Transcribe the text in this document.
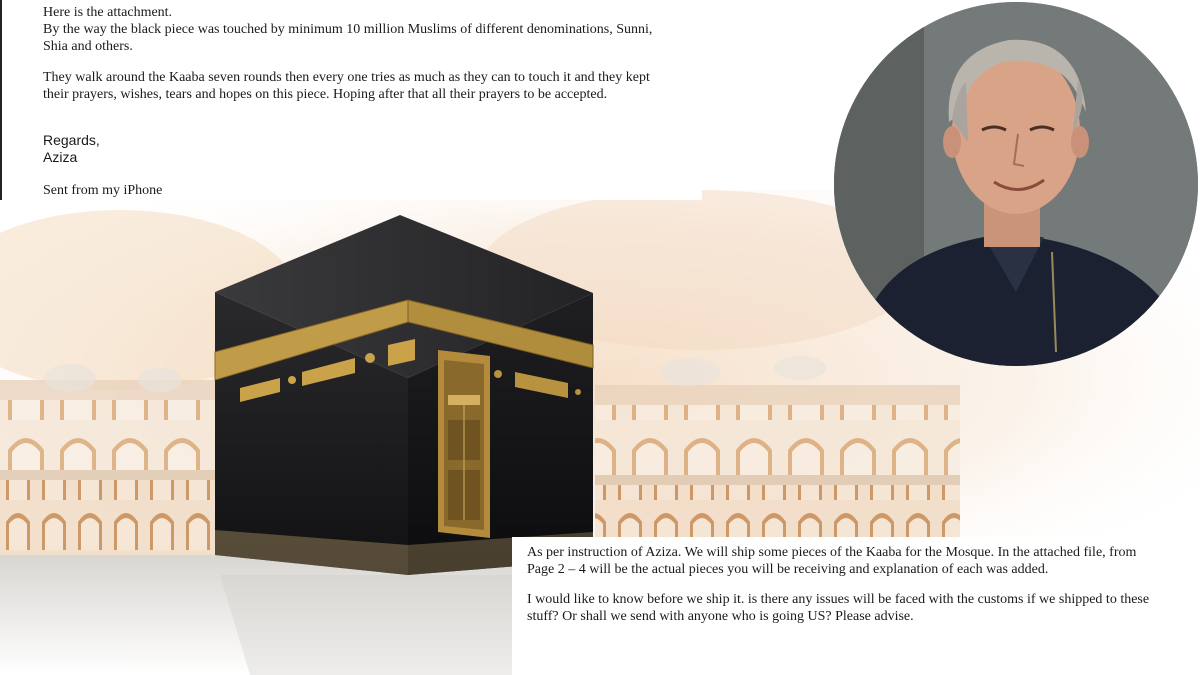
Here is the attachment.
By the way the black piece was touched by minimum 10 million Muslims of different denominations, Sunni,
Shia and others.
They walk around the Kaaba seven rounds then every one tries as much as they can to touch it and they kept
their prayers, wishes, tears and hopes on this piece. Hoping after that all their prayers to be accepted.
Regards,
Aziza
Sent from my iPhone
As per instruction of Aziza. We will ship some pieces of the Kaaba for the Mosque. In the attached file, from
Page 2 – 4 will be the actual pieces you will be receiving and explanation of each was added.
I would like to know before we ship it. is there any issues will be faced with the customs if we shipped to these
stuff? Or shall we send with anyone who is going US? Please advise.
